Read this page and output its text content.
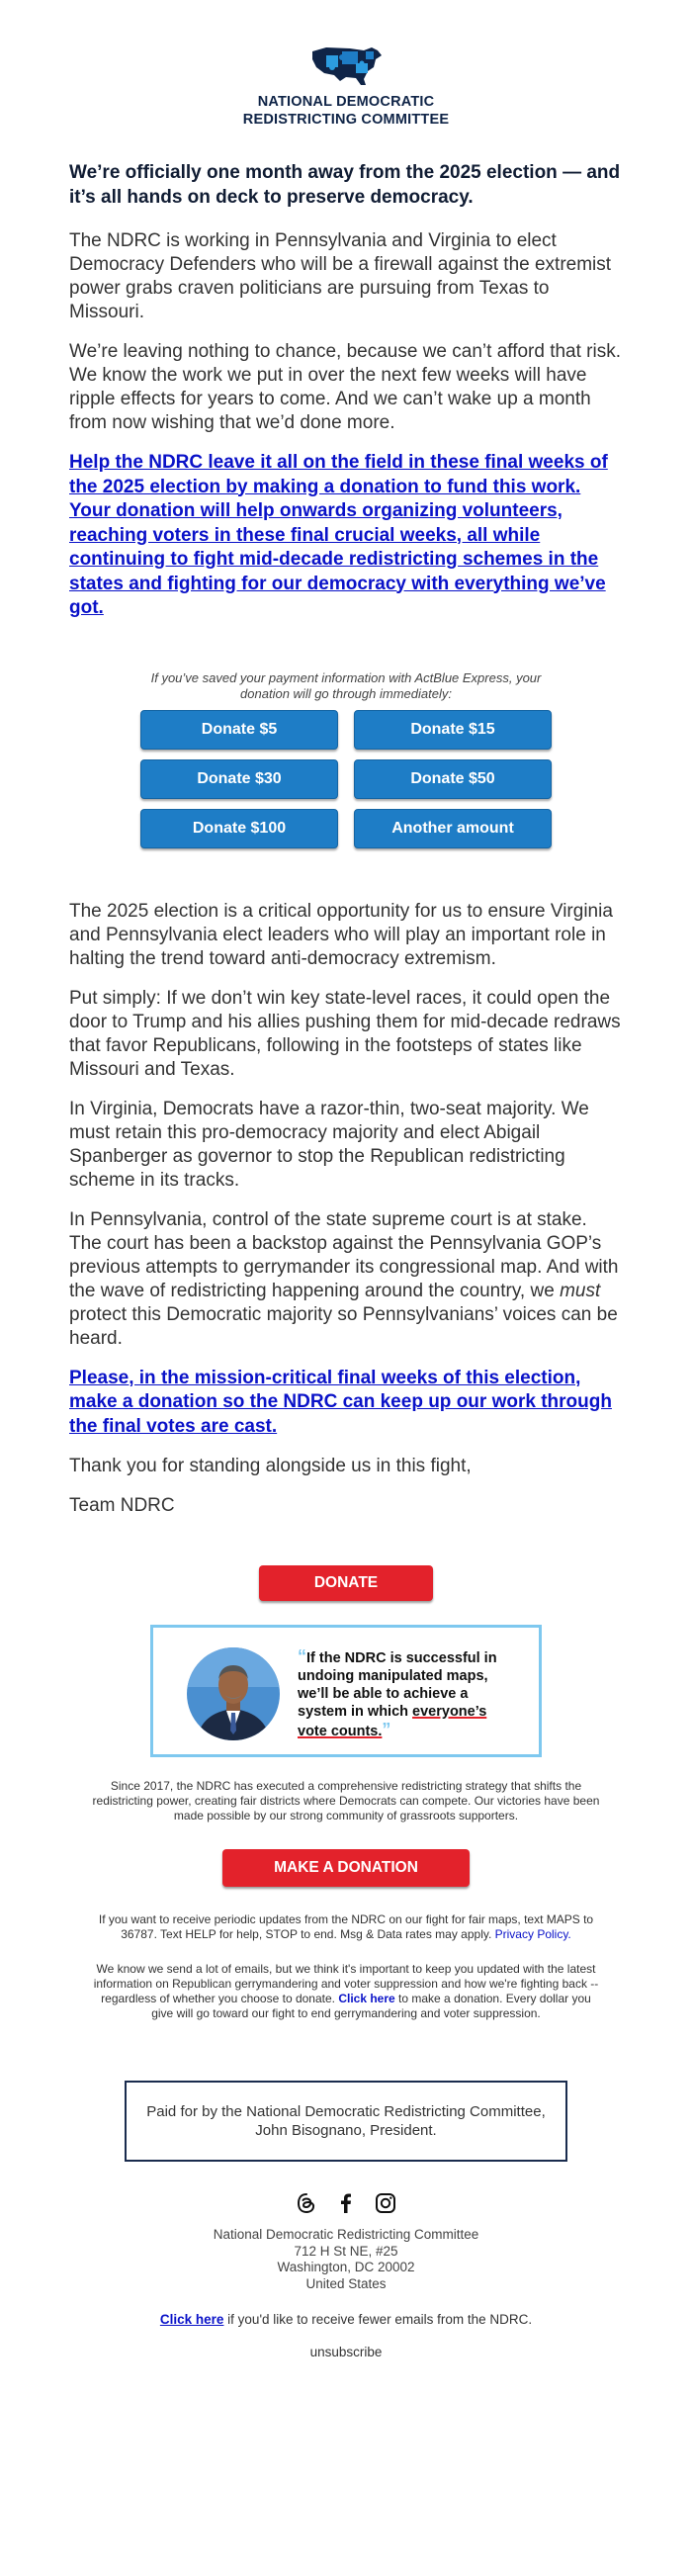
NATIONAL DEMOCRATIC
REDISTRICTING COMMITTEE

We’re officially one month away from the 2025 election — and it’s all hands on deck to preserve democracy.

The NDRC is working in Pennsylvania and Virginia to elect Democracy Defenders who will be a firewall against the extremist power grabs craven politicians are pursuing from Texas to Missouri.

We’re leaving nothing to chance, because we can’t afford that risk. We know the work we put in over the next few weeks will have ripple effects for years to come. And we can’t wake up a month from now wishing that we’d done more.

Help the NDRC leave it all on the field in these final weeks of the 2025 election by making a donation to fund this work. Your donation will help onwards organizing volunteers, reaching voters in these final crucial weeks, all while continuing to fight mid-decade redistricting schemes in the states and fighting for our democracy with everything we’ve got.
If you’ve saved your payment information with ActBlue Express, your donation will go through immediately:
Donate $5	Donate $15
Donate $30	Donate $50
Donate $100	Another amount

The 2025 election is a critical opportunity for us to ensure Virginia and Pennsylvania elect leaders who will play an important role in halting the trend toward anti-democracy extremism.

Put simply: If we don’t win key state-level races, it could open the door to Trump and his allies pushing them for mid-decade redraws that favor Republicans, following in the footsteps of states like Missouri and Texas.

In Virginia, Democrats have a razor-thin, two-seat majority. We must retain this pro-democracy majority and elect Abigail Spanberger as governor to stop the Republican redistricting scheme in its tracks.

In Pennsylvania, control of the state supreme court is at stake. The court has been a backstop against the Pennsylvania GOP’s previous attempts to gerrymander its congressional map. And with the wave of redistricting happening around the country, we must protect this Democratic majority so Pennsylvanians’ voices can be heard.

Please, in the mission-critical final weeks of this election, make a donation so the NDRC can keep up our work through the final votes are cast.

Thank you for standing alongside us in this fight,

Team NDRC

DONATE
“If the NDRC is successful in undoing manipulated maps, we’ll be able to achieve a system in which everyone’s vote counts.”
Since 2017, the NDRC has executed a comprehensive redistricting strategy that shifts the redistricting power, creating fair districts where Democrats can compete. Our victories have been made possible by our strong community of grassroots supporters.
MAKE A DONATION
If you want to receive periodic updates from the NDRC on our fight for fair maps, text MAPS to 36787. Text HELP for help, STOP to end. Msg & Data rates may apply. Privacy Policy.
We know we send a lot of emails, but we think it's important to keep you updated with the latest information on Republican gerrymandering and voter suppression and how we're fighting back -- regardless of whether you choose to donate. Click here to make a donation. Every dollar you give will go toward our fight to end gerrymandering and voter suppression.
Paid for by the National Democratic Redistricting Committee, John Bisognano, President.
National Democratic Redistricting Committee
712 H St NE, #25
Washington, DC 20002
United States
Click here if you'd like to receive fewer emails from the NDRC.
unsubscribe
